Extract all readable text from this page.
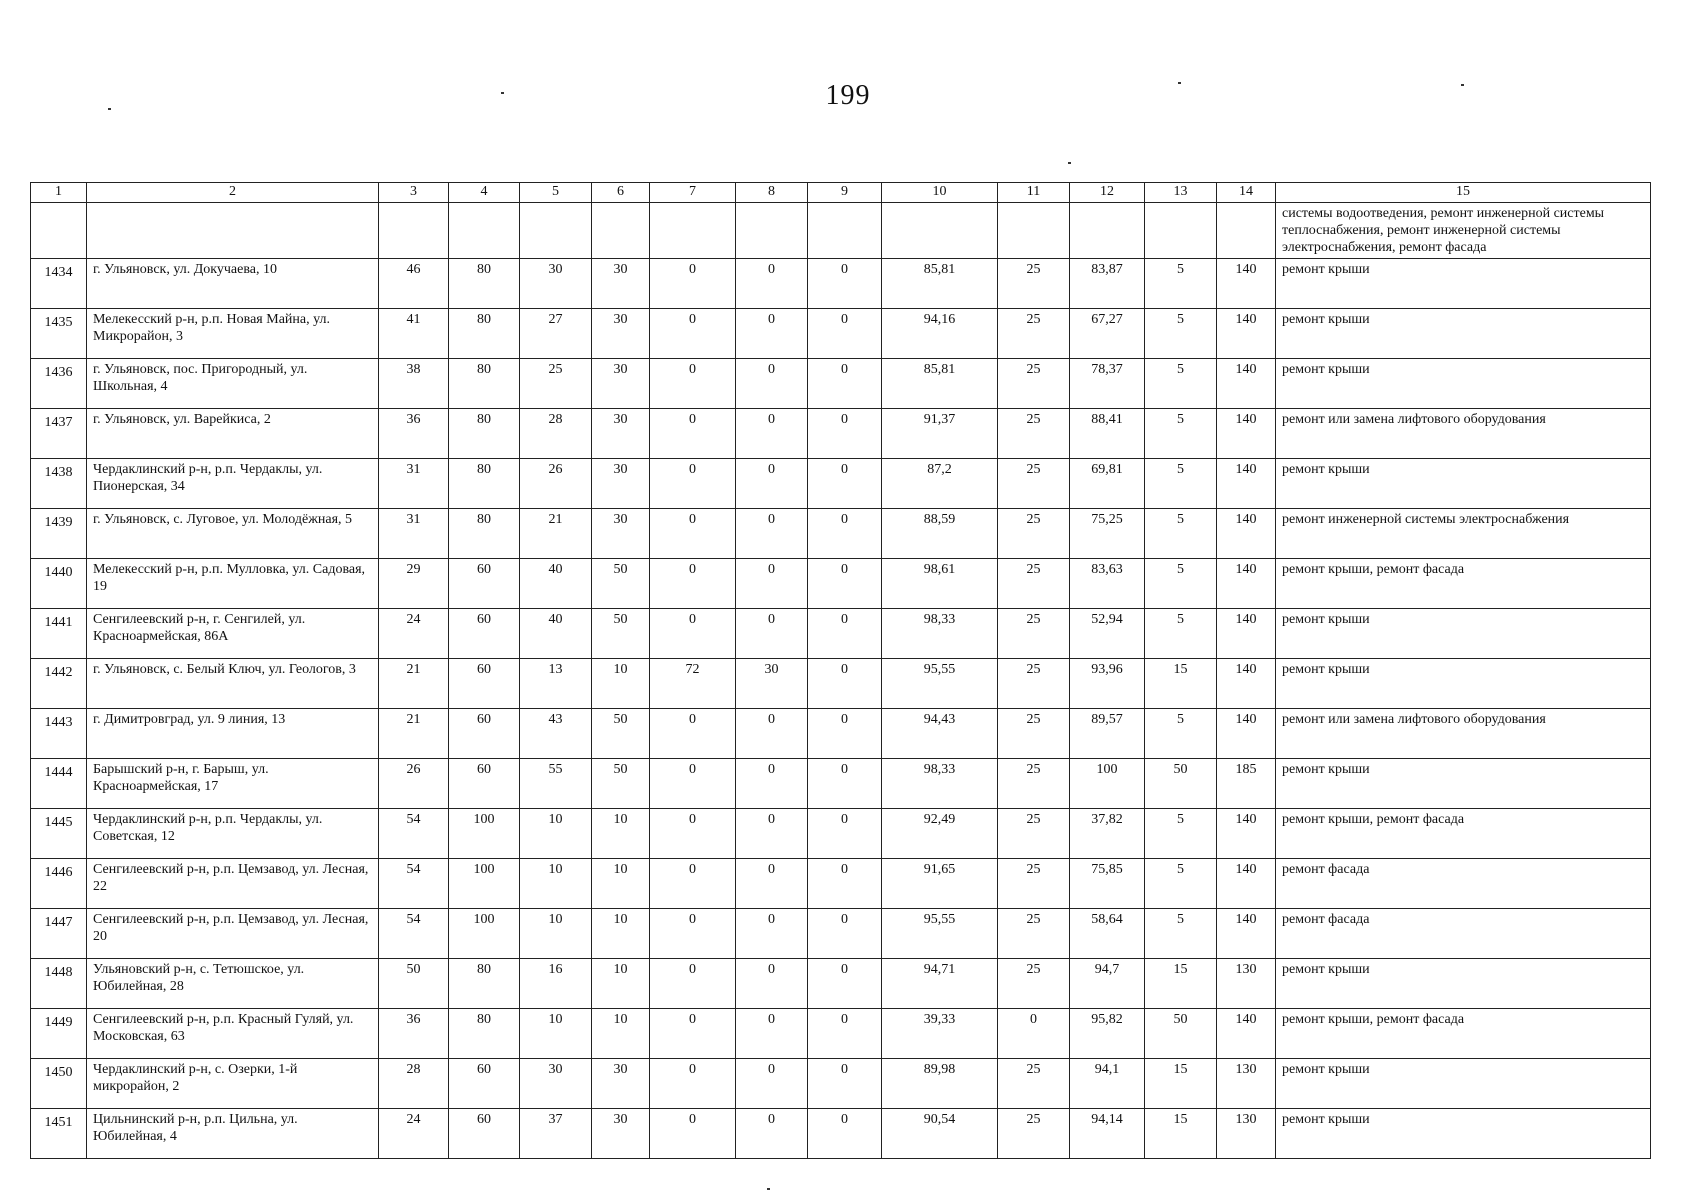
199
1	2	3	4	5	6	7	8	9	10	11	12	13	14	15
														системы водоотведения, ремонт инженерной системы теплоснабжения, ремонт инженерной системы электроснабжения, ремонт фасада
1434	г. Ульяновск, ул. Докучаева, 10	46	80	30	30	0	0	0	85,81	25	83,87	5	140	ремонт крыши
1435	Мелекесский р-н, р.п. Новая Майна, ул. Микрорайон, 3	41	80	27	30	0	0	0	94,16	25	67,27	5	140	ремонт крыши
1436	г. Ульяновск, пос. Пригородный, ул. Школьная, 4	38	80	25	30	0	0	0	85,81	25	78,37	5	140	ремонт крыши
1437	г. Ульяновск, ул. Варейкиса, 2	36	80	28	30	0	0	0	91,37	25	88,41	5	140	ремонт или замена лифтового оборудования
1438	Чердаклинский р-н, р.п. Чердаклы, ул. Пионерская, 34	31	80	26	30	0	0	0	87,2	25	69,81	5	140	ремонт крыши
1439	г. Ульяновск, с. Луговое, ул. Молодёжная, 5	31	80	21	30	0	0	0	88,59	25	75,25	5	140	ремонт инженерной системы электроснабжения
1440	Мелекесский р-н, р.п. Мулловка, ул. Садовая, 19	29	60	40	50	0	0	0	98,61	25	83,63	5	140	ремонт крыши, ремонт фасада
1441	Сенгилеевский р-н, г. Сенгилей, ул. Красноармейская, 86А	24	60	40	50	0	0	0	98,33	25	52,94	5	140	ремонт крыши
1442	г. Ульяновск, с. Белый Ключ, ул. Геологов, 3	21	60	13	10	72	30	0	95,55	25	93,96	15	140	ремонт крыши
1443	г. Димитровград, ул. 9 линия, 13	21	60	43	50	0	0	0	94,43	25	89,57	5	140	ремонт или замена лифтового оборудования
1444	Барышский р-н, г. Барыш, ул. Красноармейская, 17	26	60	55	50	0	0	0	98,33	25	100	50	185	ремонт крыши
1445	Чердаклинский р-н, р.п. Чердаклы, ул. Советская, 12	54	100	10	10	0	0	0	92,49	25	37,82	5	140	ремонт крыши, ремонт фасада
1446	Сенгилеевский р-н, р.п. Цемзавод, ул. Лесная, 22	54	100	10	10	0	0	0	91,65	25	75,85	5	140	ремонт фасада
1447	Сенгилеевский р-н, р.п. Цемзавод, ул. Лесная, 20	54	100	10	10	0	0	0	95,55	25	58,64	5	140	ремонт фасада
1448	Ульяновский р-н, с. Тетюшское, ул. Юбилейная, 28	50	80	16	10	0	0	0	94,71	25	94,7	15	130	ремонт крыши
1449	Сенгилеевский р-н, р.п. Красный Гуляй, ул. Московская, 63	36	80	10	10	0	0	0	39,33	0	95,82	50	140	ремонт крыши, ремонт фасада
1450	Чердаклинский р-н, с. Озерки, 1-й микрорайон, 2	28	60	30	30	0	0	0	89,98	25	94,1	15	130	ремонт крыши
1451	Цильнинский р-н, р.п. Цильна, ул. Юбилейная, 4	24	60	37	30	0	0	0	90,54	25	94,14	15	130	ремонт крыши
